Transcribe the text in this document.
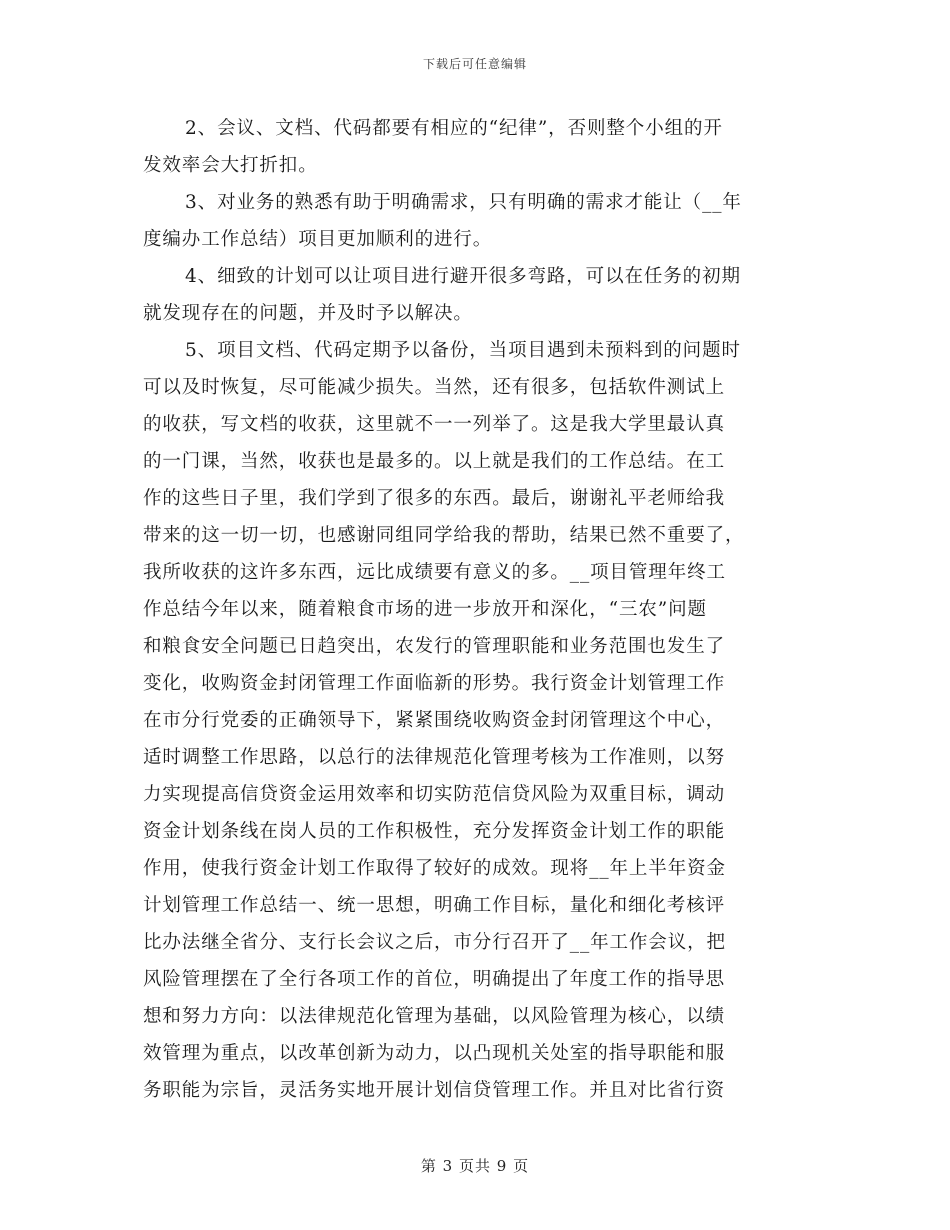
下载后可任意编辑
2、会议、文档、代码都要有相应的“纪律”，否则整个小组的开
发效率会大打折扣。
3、对业务的熟悉有助于明确需求，只有明确的需求才能让（__年
度编办工作总结）项目更加顺利的进行。
4、细致的计划可以让项目进行避开很多弯路，可以在任务的初期
就发现存在的问题，并及时予以解决。
5、项目文档、代码定期予以备份，当项目遇到未预料到的问题时
可以及时恢复，尽可能减少损失。当然，还有很多，包括软件测试上
的收获，写文档的收获，这里就不一一列举了。这是我大学里最认真
的一门课，当然，收获也是最多的。以上就是我们的工作总结。在工
作的这些日子里，我们学到了很多的东西。最后，谢谢礼平老师给我
带来的这一切一切，也感谢同组同学给我的帮助，结果已然不重要了，
我所收获的这许多东西，远比成绩要有意义的多。__项目管理年终工
作总结今年以来，随着粮食市场的进一步放开和深化，“三农”问题
和粮食安全问题已日趋突出，农发行的管理职能和业务范围也发生了
变化，收购资金封闭管理工作面临新的形势。我行资金计划管理工作
在市分行党委的正确领导下，紧紧围绕收购资金封闭管理这个中心，
适时调整工作思路，以总行的法律规范化管理考核为工作准则，以努
力实现提高信贷资金运用效率和切实防范信贷风险为双重目标，调动
资金计划条线在岗人员的工作积极性，充分发挥资金计划工作的职能
作用，使我行资金计划工作取得了较好的成效。现将__年上半年资金
计划管理工作总结一、统一思想，明确工作目标，量化和细化考核评
比办法继全省分、支行长会议之后，市分行召开了__年工作会议，把
风险管理摆在了全行各项工作的首位，明确提出了年度工作的指导思
想和努力方向：以法律规范化管理为基础，以风险管理为核心，以绩
效管理为重点，以改革创新为动力，以凸现机关处室的指导职能和服
务职能为宗旨，灵活务实地开展计划信贷管理工作。并且对比省行资
第 3 页共 9 页
